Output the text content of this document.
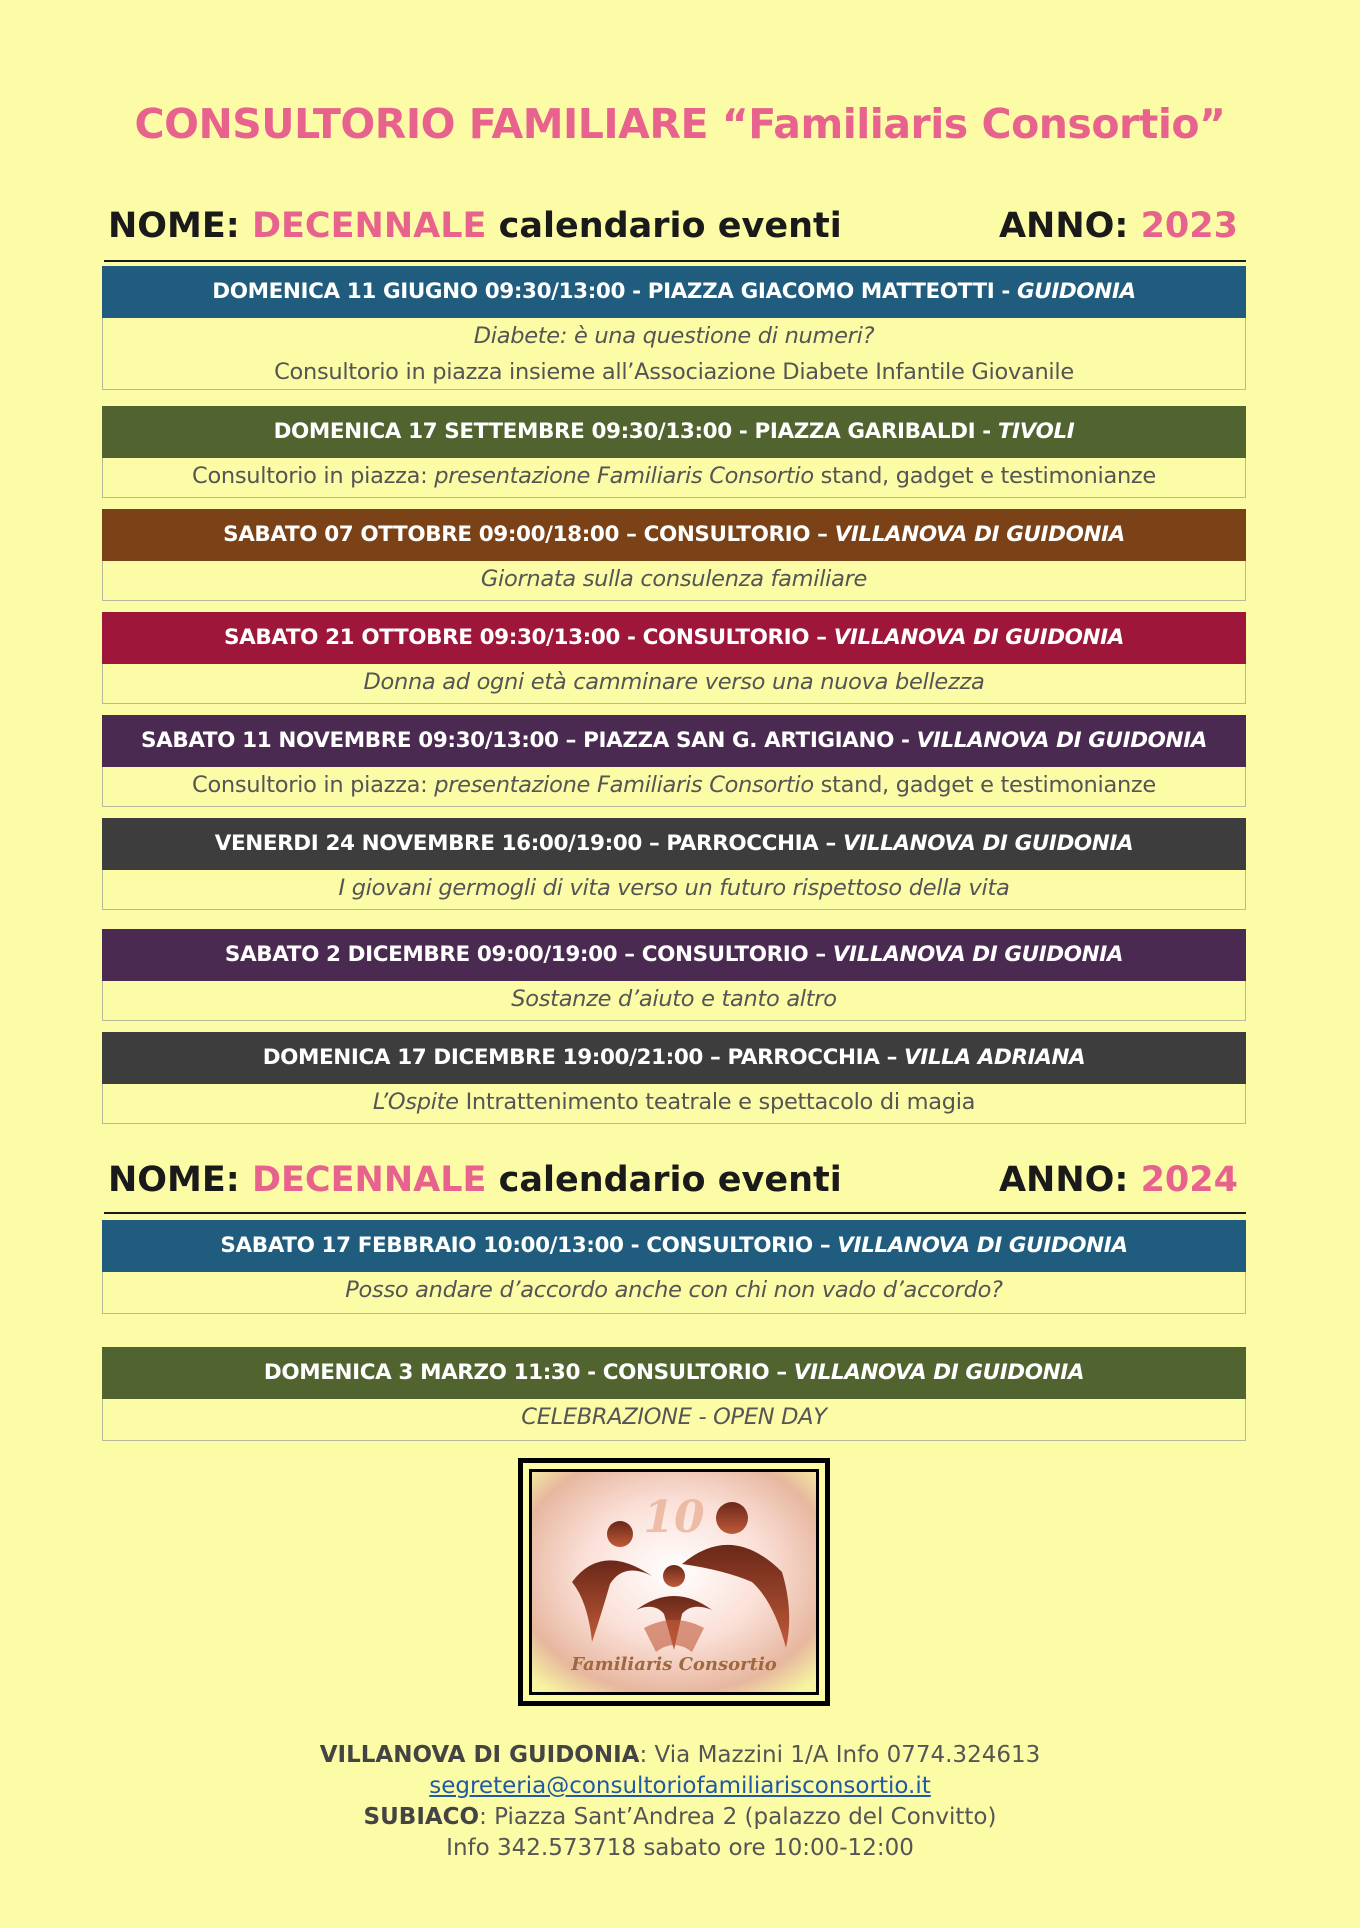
CONSULTORIO FAMILIARE “Familiaris Consortio”
NOME: DECENNALE calendario eventi	ANNO: 2023
DOMENICA 11 GIUGNO 09:30/13:00 - PIAZZA GIACOMO MATTEOTTI - GUIDONIA
Diabete: è una questione di numeri?
Consultorio in piazza insieme all’Associazione Diabete Infantile Giovanile
DOMENICA 17 SETTEMBRE 09:30/13:00 - PIAZZA GARIBALDI - TIVOLI
Consultorio in piazza: presentazione Familiaris Consortio stand, gadget e testimonianze
SABATO 07 OTTOBRE 09:00/18:00 – CONSULTORIO – VILLANOVA DI GUIDONIA
Giornata sulla consulenza familiare
SABATO 21 OTTOBRE 09:30/13:00 - CONSULTORIO – VILLANOVA DI GUIDONIA
Donna ad ogni età camminare verso una nuova bellezza
SABATO 11 NOVEMBRE 09:30/13:00 – PIAZZA SAN G. ARTIGIANO - VILLANOVA DI GUIDONIA
Consultorio in piazza: presentazione Familiaris Consortio stand, gadget e testimonianze
VENERDI 24 NOVEMBRE 16:00/19:00 – PARROCCHIA – VILLANOVA DI GUIDONIA
I giovani germogli di vita verso un futuro rispettoso della vita
SABATO 2 DICEMBRE 09:00/19:00 – CONSULTORIO – VILLANOVA DI GUIDONIA
Sostanze d’aiuto e tanto altro
DOMENICA 17 DICEMBRE 19:00/21:00 – PARROCCHIA – VILLA ADRIANA
L’Ospite Intrattenimento teatrale e spettacolo di magia
NOME: DECENNALE calendario eventi	ANNO: 2024
SABATO 17 FEBBRAIO 10:00/13:00 - CONSULTORIO – VILLANOVA DI GUIDONIA
Posso andare d’accordo anche con chi non vado d’accordo?
DOMENICA 3 MARZO 11:30 - CONSULTORIO – VILLANOVA DI GUIDONIA
CELEBRAZIONE - OPEN DAY
10
Familiaris Consortio
VILLANOVA DI GUIDONIA: Via Mazzini 1/A Info 0774.324613
segreteria@consultoriofamiliarisconsortio.it
SUBIACO: Piazza Sant’Andrea 2 (palazzo del Convitto)
Info 342.573718 sabato ore 10:00-12:00
